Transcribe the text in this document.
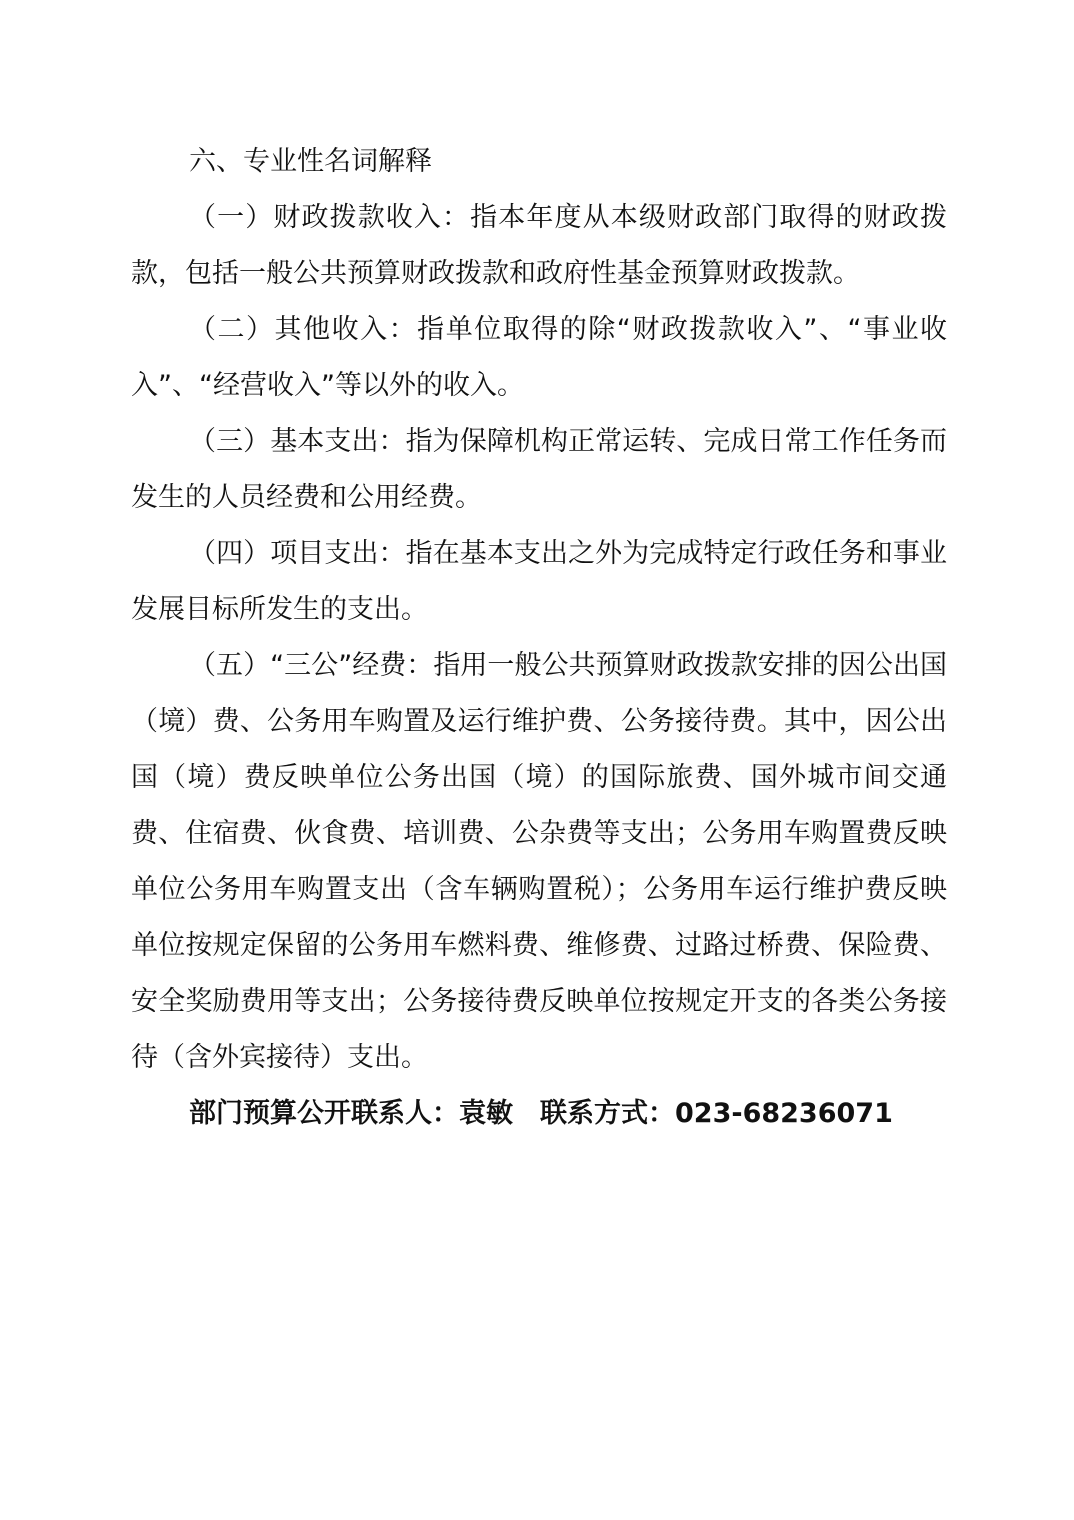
六、专业性名词解释

（一）财政拨款收入：指本年度从本级财政部门取得的财政拨款，包括一般公共预算财政拨款和政府性基金预算财政拨款。

（二）其他收入：指单位取得的除“财政拨款收入”、“事业收入”、“经营收入”等以外的收入。

（三）基本支出：指为保障机构正常运转、完成日常工作任务而发生的人员经费和公用经费。

（四）项目支出：指在基本支出之外为完成特定行政任务和事业发展目标所发生的支出。

（五）“三公”经费：指用一般公共预算财政拨款安排的因公出国（境）费、公务用车购置及运行维护费、公务接待费。其中，因公出国（境）费反映单位公务出国（境）的国际旅费、国外城市间交通费、住宿费、伙食费、培训费、公杂费等支出；公务用车购置费反映单位公务用车购置支出（含车辆购置税）；公务用车运行维护费反映单位按规定保留的公务用车燃料费、维修费、过路过桥费、保险费、安全奖励费用等支出；公务接待费反映单位按规定开支的各类公务接待（含外宾接待）支出。

部门预算公开联系人：袁敏 联系方式：023-68236071
